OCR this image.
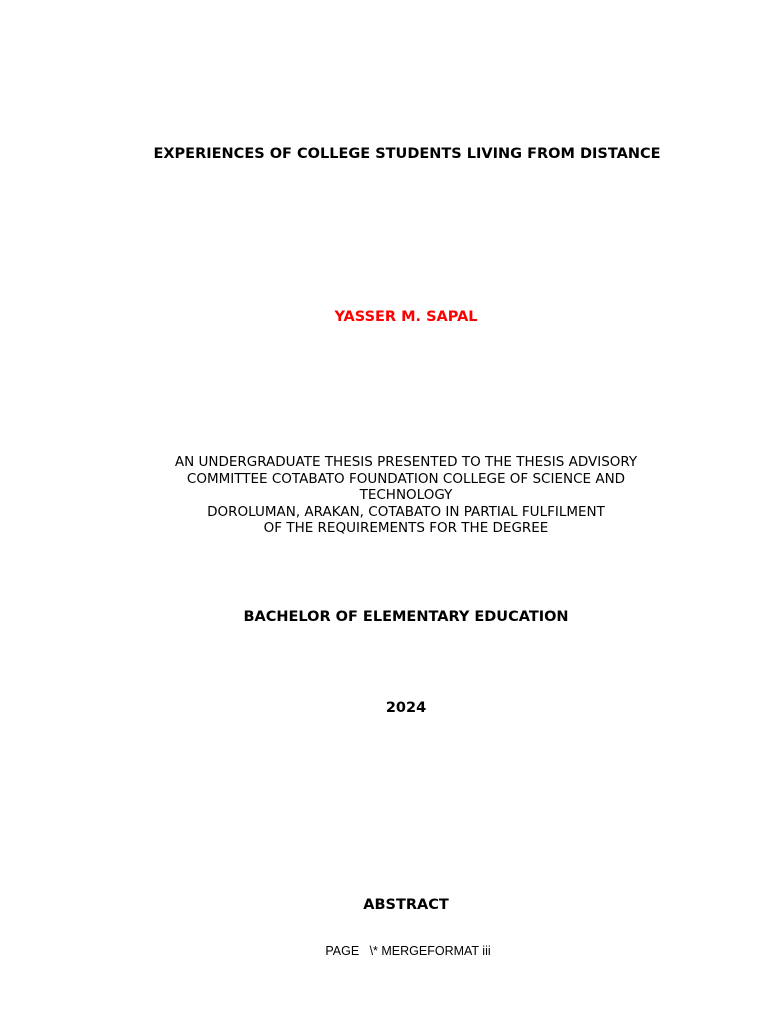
EXPERIENCES OF COLLEGE STUDENTS LIVING FROM DISTANCE

YASSER M. SAPAL

AN UNDERGRADUATE THESIS PRESENTED TO THE THESIS ADVISORY
COMMITTEE COTABATO FOUNDATION COLLEGE OF SCIENCE AND
TECHNOLOGY
DOROLUMAN, ARAKAN, COTABATO IN PARTIAL FULFILMENT
OF THE REQUIREMENTS FOR THE DEGREE

BACHELOR OF ELEMENTARY EDUCATION

2024

ABSTRACT

PAGE   \* MERGEFORMAT iii
